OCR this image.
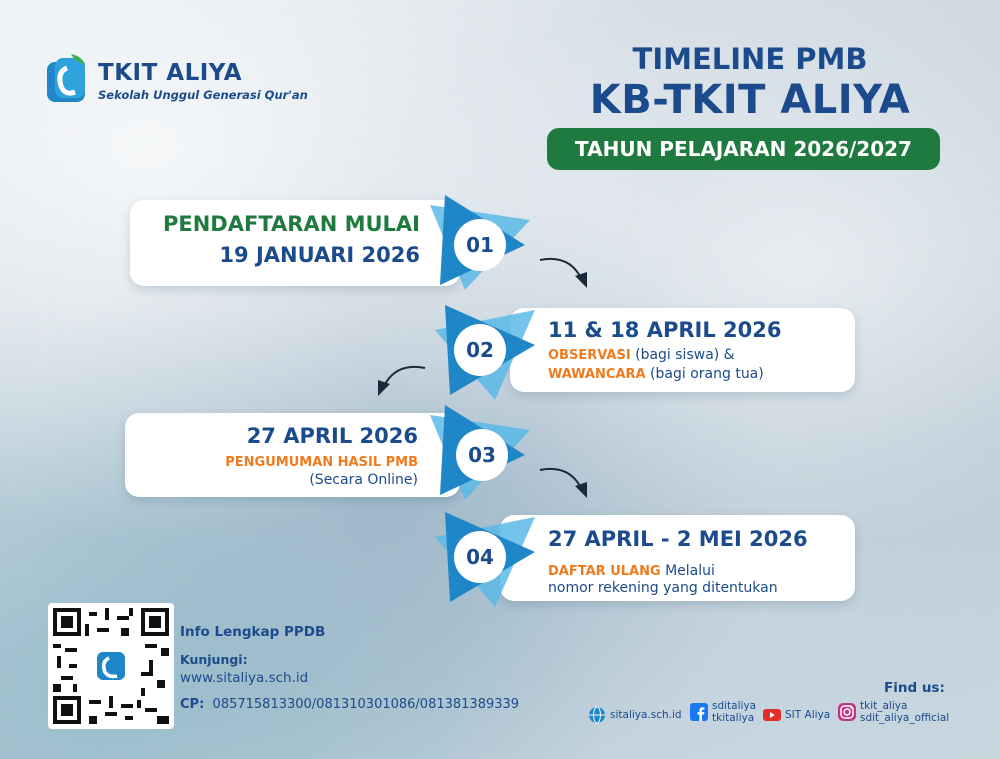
TKIT ALIYA
Sekolah Unggul Generasi Qur'an
TIMELINE PMB
KB-TKIT ALIYA
TAHUN PELAJARAN 2026/2027
PENDAFTARAN MULAI
19 JANUARI 2026
11 & 18 APRIL 2026
OBSERVASI (bagi siswa) &
WAWANCARA (bagi orang tua)
27 APRIL 2026
PENGUMUMAN HASIL PMB
(Secara Online)
27 APRIL - 2 MEI 2026
DAFTAR ULANG Melalui
nomor rekening yang ditentukan
01
02
03
04
Info Lengkap PPDB
Kunjungi:
www.sitaliya.sch.id
CP: 085715813300/081310301086/081381389339
Find us:
sitaliya.sch.id
sditaliya
tkitaliya	SIT Aliya
tkit_aliya
sdit_aliya_official
